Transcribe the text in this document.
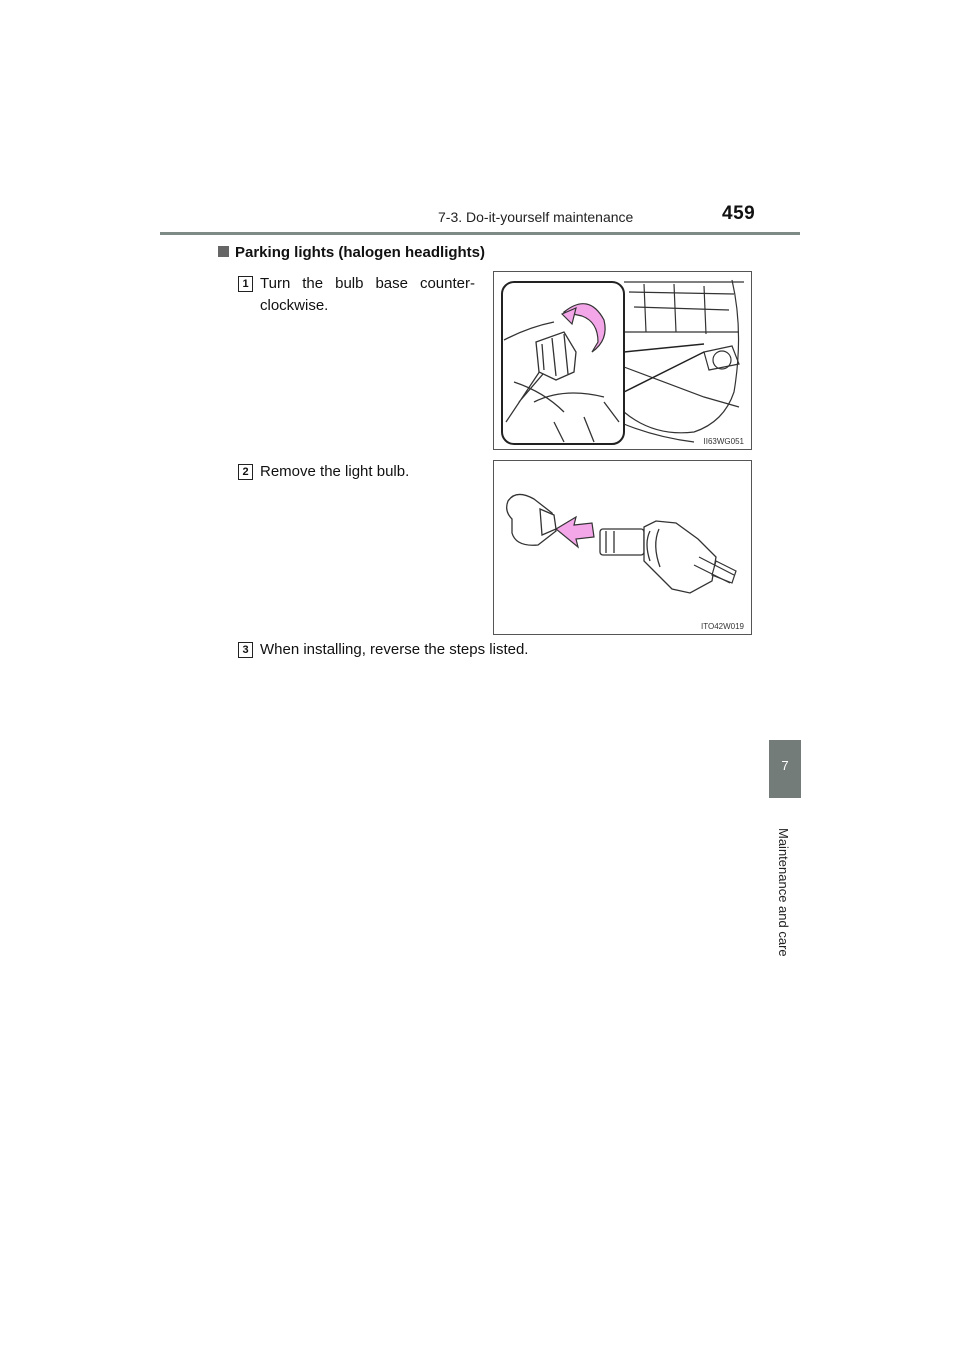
7-3. Do-it-yourself maintenance	459
7
Maintenance and care
Parking lights (halogen headlights)
1 Turn the bulb base counter-clockwise.
II63WG051
2 Remove the light bulb.
ITO42W019
3 When installing, reverse the steps listed.
